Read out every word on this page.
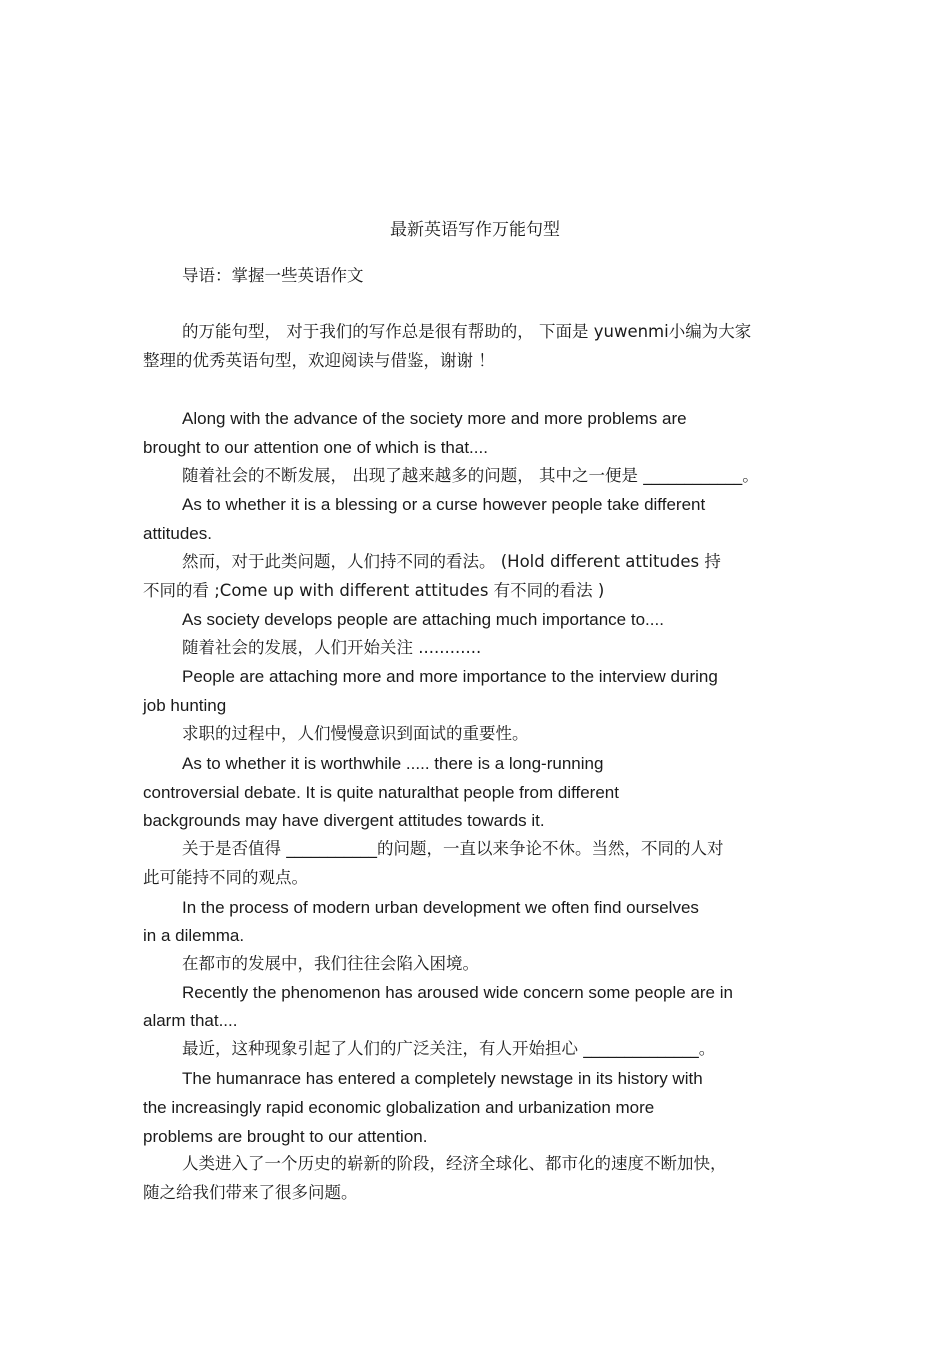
最新英语写作万能句型
导语：掌握一些英语作文
的万能句型， 对于我们的写作总是很有帮助的， 下面是 yuwenmi小编为大家
整理的优秀英语句型，欢迎阅读与借鉴，谢谢 ！
Along with the advance of the society more and more problems are
brought to our attention one of which is that....
随着社会的不断发展， 出现了越来越多的问题， 其中之一便是 ____________。
As to whether it is a blessing or a curse however people take different
attitudes.
然而，对于此类问题，人们持不同的看法。 (Hold different attitudes 持
不同的看 ;Come up with different attitudes 有不同的看法 )
As society develops people are attaching much importance to....
随着社会的发展，人们开始关注 ............
People are attaching more and more importance to the interview during
job hunting
求职的过程中，人们慢慢意识到面试的重要性。
As to whether it is worthwhile ..... there is a long-running
controversial debate. It is quite naturalthat people from different
backgrounds may have divergent attitudes towards it.
关于是否值得 ___________的问题，一直以来争论不休。当然，不同的人对
此可能持不同的观点。
In the process of modern urban development we often find ourselves
in a dilemma.
在都市的发展中，我们往往会陷入困境。
Recently the phenomenon has aroused wide concern some people are in
alarm that....
最近，这种现象引起了人们的广泛关注，有人开始担心 ______________。
The humanrace has entered a completely newstage in its history with
the increasingly rapid economic globalization and urbanization more
problems are brought to our attention.
人类进入了一个历史的崭新的阶段，经济全球化、都市化的速度不断加快，
随之给我们带来了很多问题。
